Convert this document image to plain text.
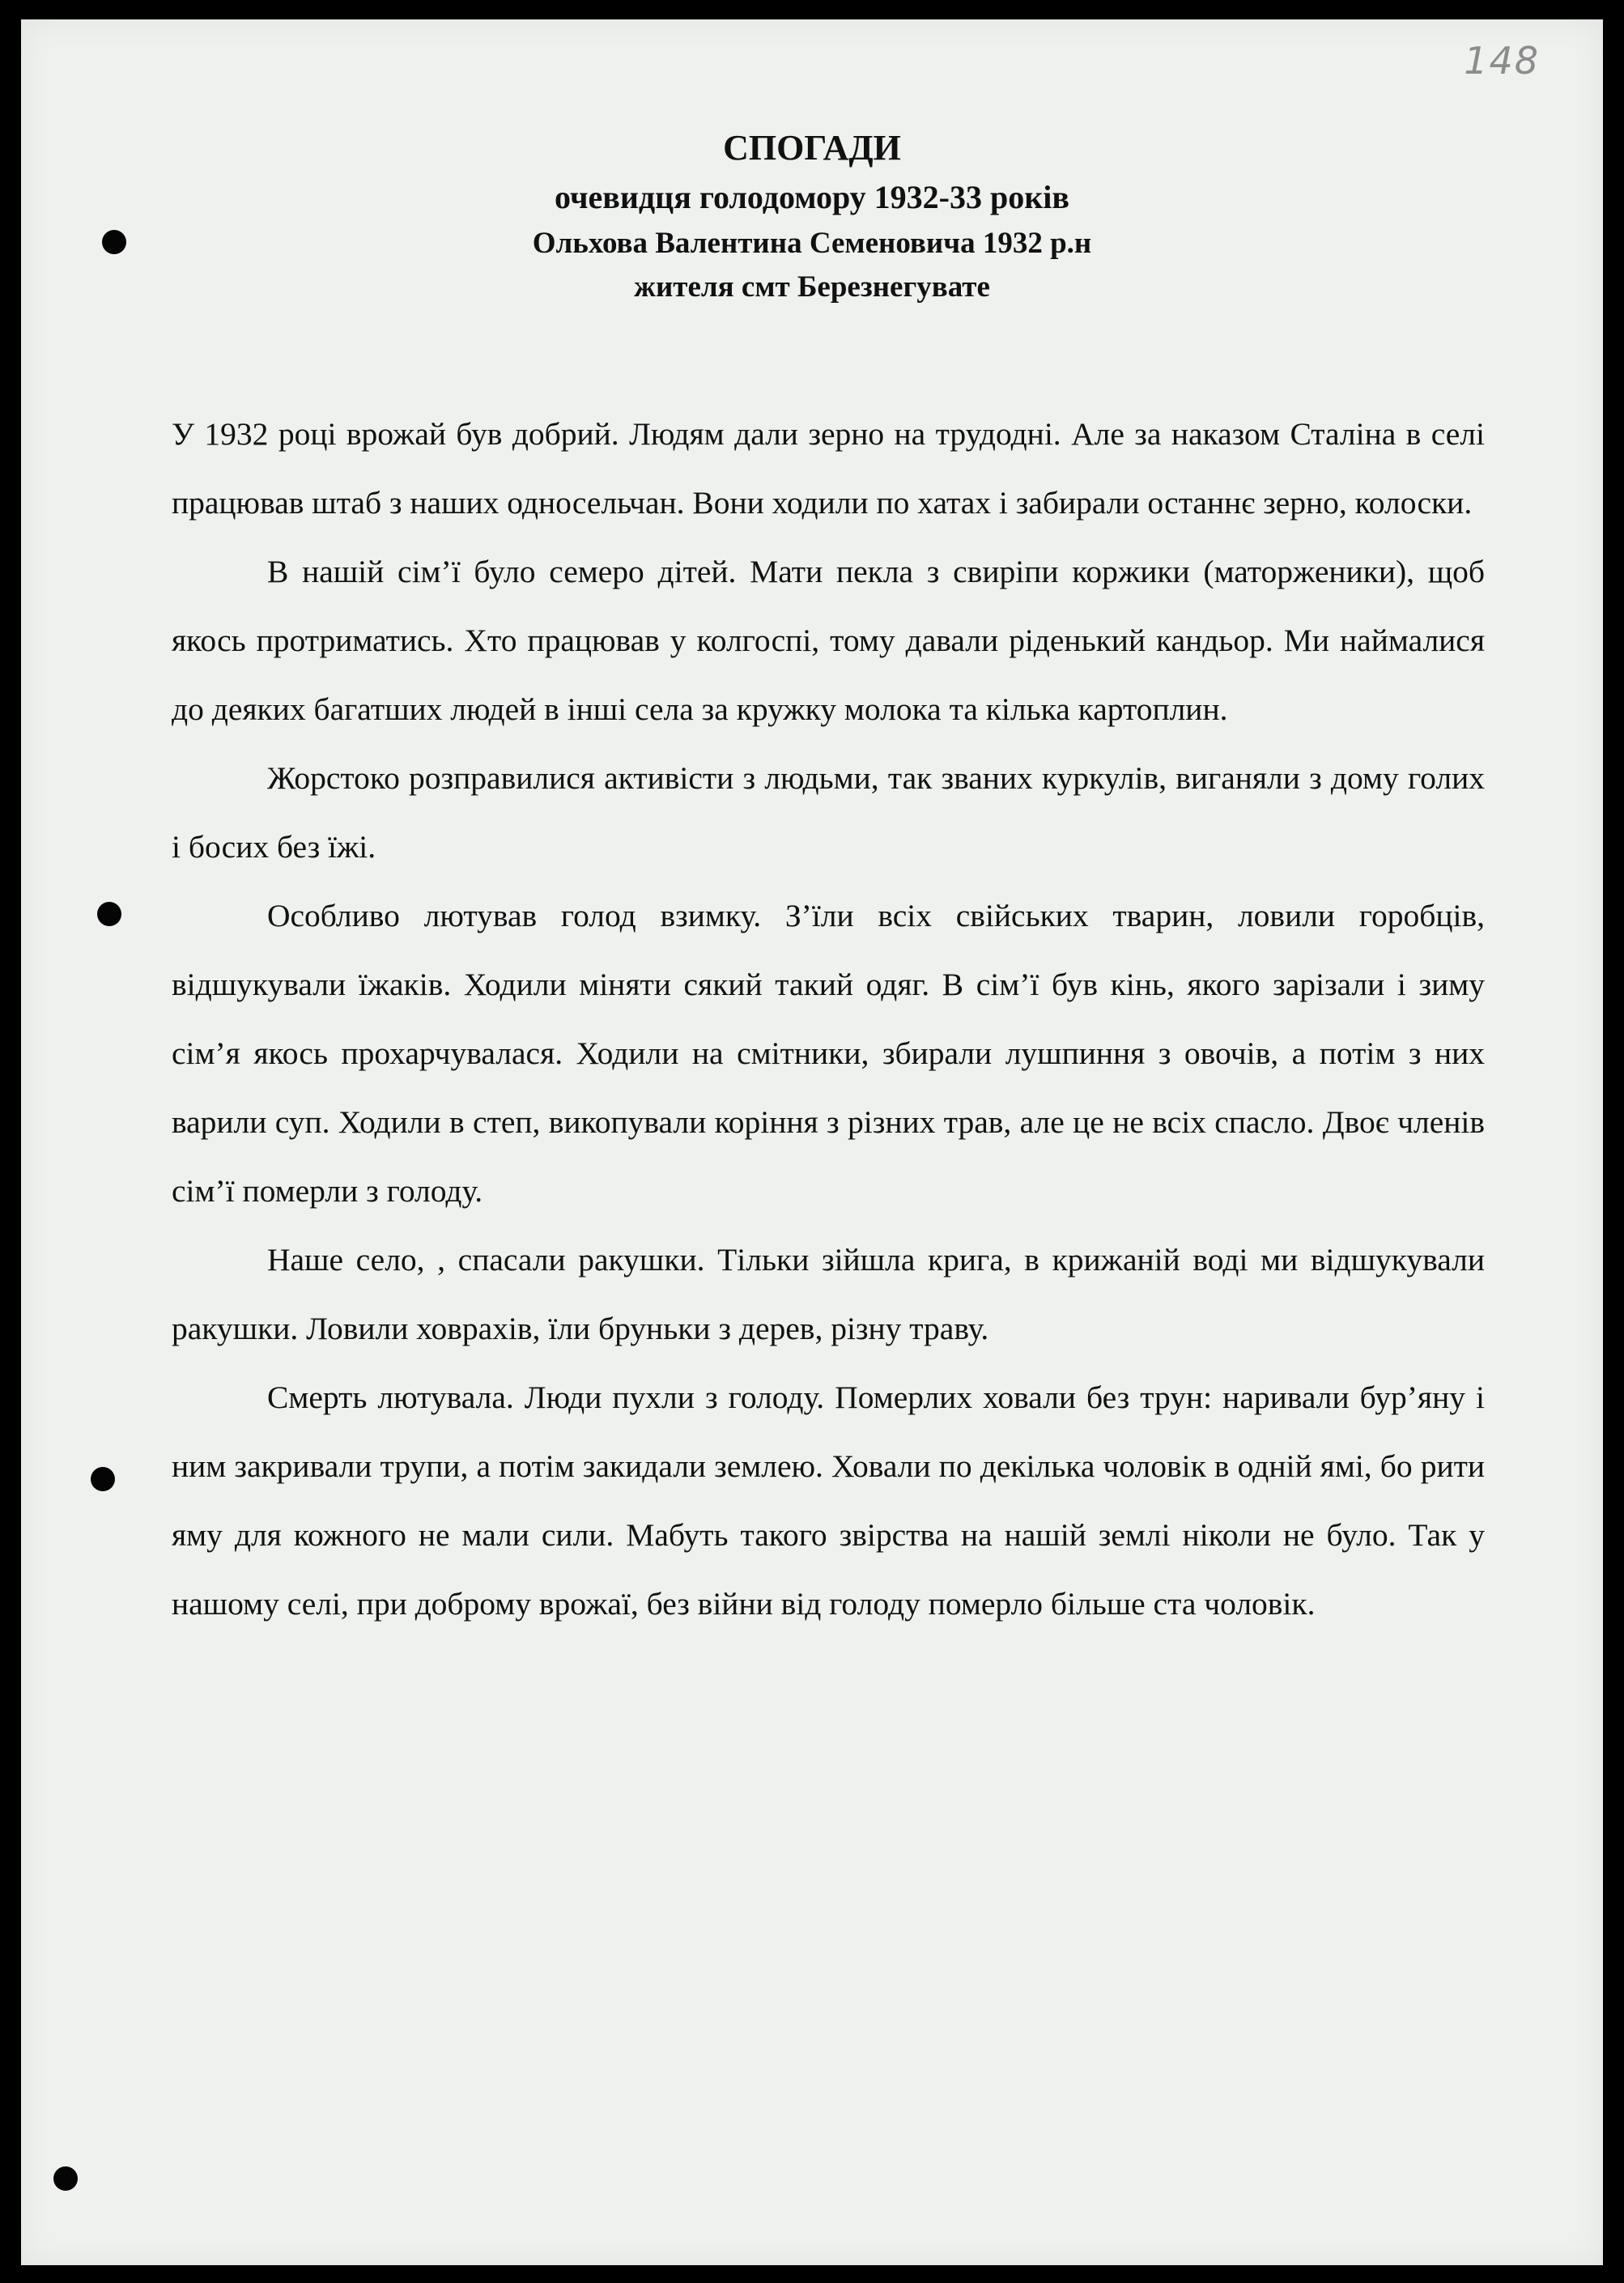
148
СПОГАДИ
очевидця голодомору 1932-33 років
Ольхова Валентина Семеновича 1932 р.н
жителя смт Березнегувате

У 1932 році врожай був добрий. Людям дали зерно на трудодні. Але за наказом Сталіна в селі працював штаб з наших односельчан. Вони ходили по хатах і забирали останнє зерно, колоски.

В нашій сім’ї було семеро дітей. Мати пекла з свиріпи коржики (маторженики), щоб якось протриматись. Хто працював у колгоспі, тому давали ріденький кандьор. Ми наймалися до деяких багатших людей в інші села за кружку молока та кілька картоплин.

Жорстоко розправилися активісти з людьми, так званих куркулів, виганяли з дому голих і босих без їжі.

Особливо лютував голод взимку. З’їли всіх свійських тварин, ловили горобців, відшукували їжаків. Ходили міняти сякий такий одяг. В сім’ї був кінь, якого зарізали і зиму сім’я якось прохарчувалася. Ходили на смітники, збирали лушпиння з овочів, а потім з них варили суп. Ходили в степ, викопували коріння з різних трав, але це не всіх спасло. Двоє членів сім’ї померли з голоду.

Наше село, , спасали ракушки. Тільки зійшла крига, в крижаній воді ми відшукували ракушки. Ловили ховрахів, їли бруньки з дерев, різну траву.

Смерть лютувала. Люди пухли з голоду. Померлих ховали без трун: наривали бур’яну і ним закривали трупи, а потім закидали землею. Ховали по декілька чоловік в одній ямі, бо рити яму для кожного не мали сили. Мабуть такого звірства на нашій землі ніколи не було. Так у нашому селі, при доброму врожаї, без війни від голоду померло більше ста чоловік.
